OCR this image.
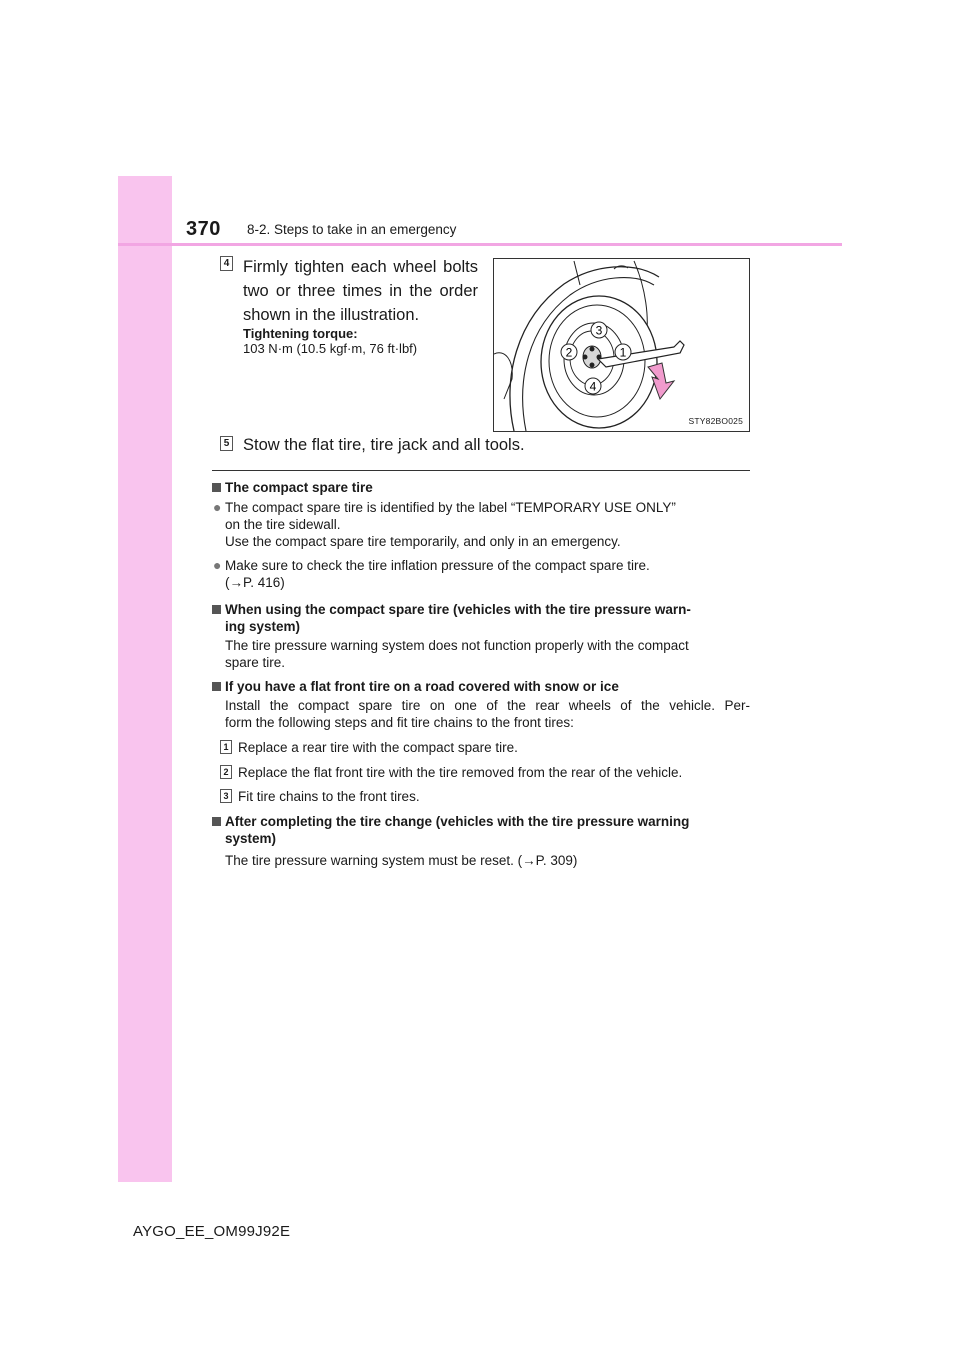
370 8-2. Steps to take in an emergency
4 Firmly tighten each wheel bolts
two or three times in the order
shown in the illustration.
Tightening torque:
103 N·m (10.5 kgf·m, 76 ft·lbf)
3
2	1
4
STY82BO025
5 Stow the flat tire, tire jack and all tools.
The compact spare tire
● The compact spare tire is identified by the label “TEMPORARY USE ONLY”
on the tire sidewall.
Use the compact spare tire temporarily, and only in an emergency.
● Make sure to check the tire inflation pressure of the compact spare tire.
(→P. 416)
When using the compact spare tire (vehicles with the tire pressure warn-
ing system)
The tire pressure warning system does not function properly with the compact
spare tire.
If you have a flat front tire on a road covered with snow or ice
Install the compact spare tire on one of the rear wheels of the vehicle. Per-
form the following steps and fit tire chains to the front tires:
1 Replace a rear tire with the compact spare tire.
2 Replace the flat front tire with the tire removed from the rear of the vehicle.
3 Fit tire chains to the front tires.
After completing the tire change (vehicles with the tire pressure warning
system)
The tire pressure warning system must be reset. (→P. 309)
AYGO_EE_OM99J92E
